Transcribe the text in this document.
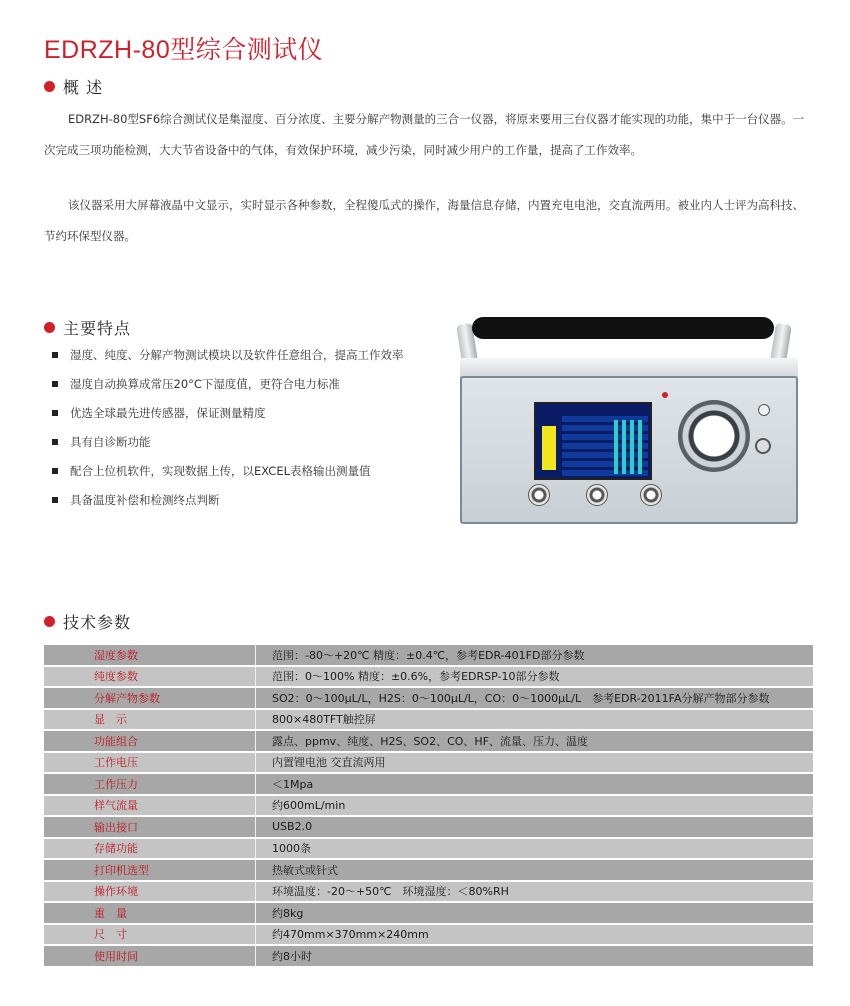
EDRZH-80型综合测试仪
概 述

EDRZH-80型SF6综合测试仪是集湿度、百分浓度、主要分解产物测量的三合一仪器，将原来要用三台仪器才能实现的功能，集中于一台仪器。一次完成三项功能检测，大大节省设备中的气体，有效保护环境，减少污染，同时减少用户的工作量，提高了工作效率。

该仪器采用大屏幕液晶中文显示，实时显示各种参数，全程傻瓜式的操作，海量信息存储，内置充电电池，交直流两用。被业内人士评为高科技、节约环保型仪器。

主要特点
湿度、纯度、分解产物测试模块以及软件任意组合，提高工作效率
湿度自动换算成常压20°C下湿度值，更符合电力标准
优选全球最先进传感器，保证测量精度
具有自诊断功能
配合上位机软件，实现数据上传，以EXCEL表格输出测量值
具备温度补偿和检测终点判断
技术参数
湿度参数	范围：-80～+20℃ 精度：±0.4℃，参考EDR-401FD部分参数
纯度参数	范围：0～100% 精度：±0.6%，参考EDRSP-10部分参数
分解产物参数	SO2：0～100μL/L，H2S：0～100μL/L，CO：0～1000μL/L　参考EDR-2011FA分解产物部分参数
显　示	800×480TFT触控屏
功能组合	露点、ppmv、纯度、H2S、SO2、CO、HF、流量、压力、温度
工作电压	内置锂电池 交直流两用
工作压力	＜1Mpa
样气流量	约600mL/min
输出接口	USB2.0
存储功能	1000条
打印机选型	热敏式或针式
操作环境	环境温度：-20～+50℃　环境湿度：＜80%RH
重　量	约8kg
尺　寸	约470mm×370mm×240mm
使用时间	约8小时
